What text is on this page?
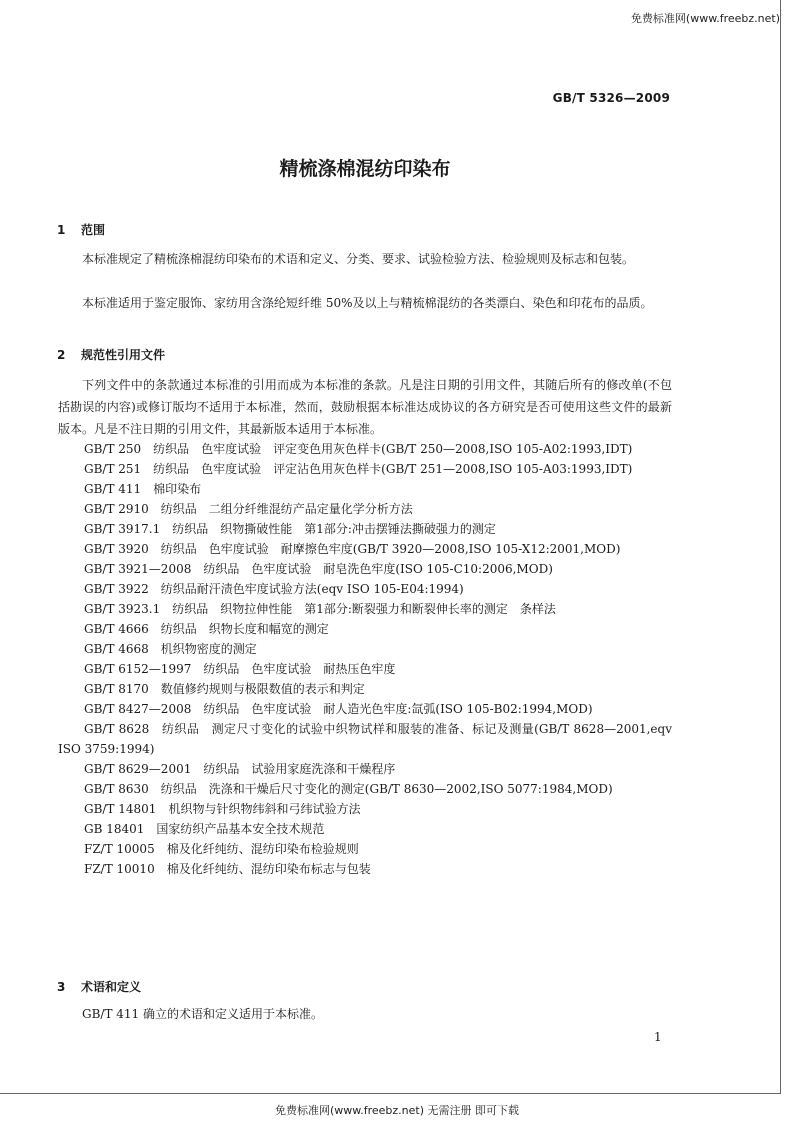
免费标准网(www.freebz.net)
GB/T 5326—2009
精梳涤棉混纺印染布
1 范围

本标准规定了精梳涤棉混纺印染布的术语和定义、分类、要求、试验检验方法、检验规则及标志和包装。

本标准适用于鉴定服饰、家纺用含涤纶短纤维 50%及以上与精梳棉混纺的各类漂白、染色和印花布的品质。

2 规范性引用文件

下列文件中的条款通过本标准的引用而成为本标准的条款。凡是注日期的引用文件，其随后所有的修改单(不包括勘误的内容)或修订版均不适用于本标准，然而，鼓励根据本标准达成协议的各方研究是否可使用这些文件的最新版本。凡是不注日期的引用文件，其最新版本适用于本标准。

GB/T 250　纺织品　色牢度试验　评定变色用灰色样卡(GB/T 250—2008,ISO 105-A02:1993,IDT)
GB/T 251　纺织品　色牢度试验　评定沾色用灰色样卡(GB/T 251—2008,ISO 105-A03:1993,IDT)
GB/T 411　棉印染布
GB/T 2910　纺织品　二组分纤维混纺产品定量化学分析方法
GB/T 3917.1　纺织品　织物撕破性能　第1部分:冲击摆锤法撕破强力的测定
GB/T 3920　纺织品　色牢度试验　耐摩擦色牢度(GB/T 3920—2008,ISO 105-X12:2001,MOD)
GB/T 3921—2008　纺织品　色牢度试验　耐皂洗色牢度(ISO 105-C10:2006,MOD)
GB/T 3922　纺织品耐汗渍色牢度试验方法(eqv ISO 105-E04:1994)
GB/T 3923.1　纺织品　织物拉伸性能　第1部分:断裂强力和断裂伸长率的测定　条样法
GB/T 4666　纺织品　织物长度和幅宽的测定
GB/T 4668　机织物密度的测定
GB/T 6152—1997　纺织品　色牢度试验　耐热压色牢度
GB/T 8170　数值修约规则与极限数值的表示和判定
GB/T 8427—2008　纺织品　色牢度试验　耐人造光色牢度:氙弧(ISO 105-B02:1994,MOD)
GB/T 8628　纺织品　测定尺寸变化的试验中织物试样和服装的准备、标记及测量(GB/T 8628—2001,eqv ISO 3759:1994)
GB/T 8629—2001　纺织品　试验用家庭洗涤和干燥程序
GB/T 8630　纺织品　洗涤和干燥后尺寸变化的测定(GB/T 8630—2002,ISO 5077:1984,MOD)
GB/T 14801　机织物与针织物纬斜和弓纬试验方法
GB 18401　国家纺织产品基本安全技术规范
FZ/T 10005　棉及化纤纯纺、混纺印染布检验规则
FZ/T 10010　棉及化纤纯纺、混纺印染布标志与包装
3 术语和定义

GB/T 411 确立的术语和定义适用于本标准。

1
免费标准网(www.freebz.net) 无需注册 即可下载
